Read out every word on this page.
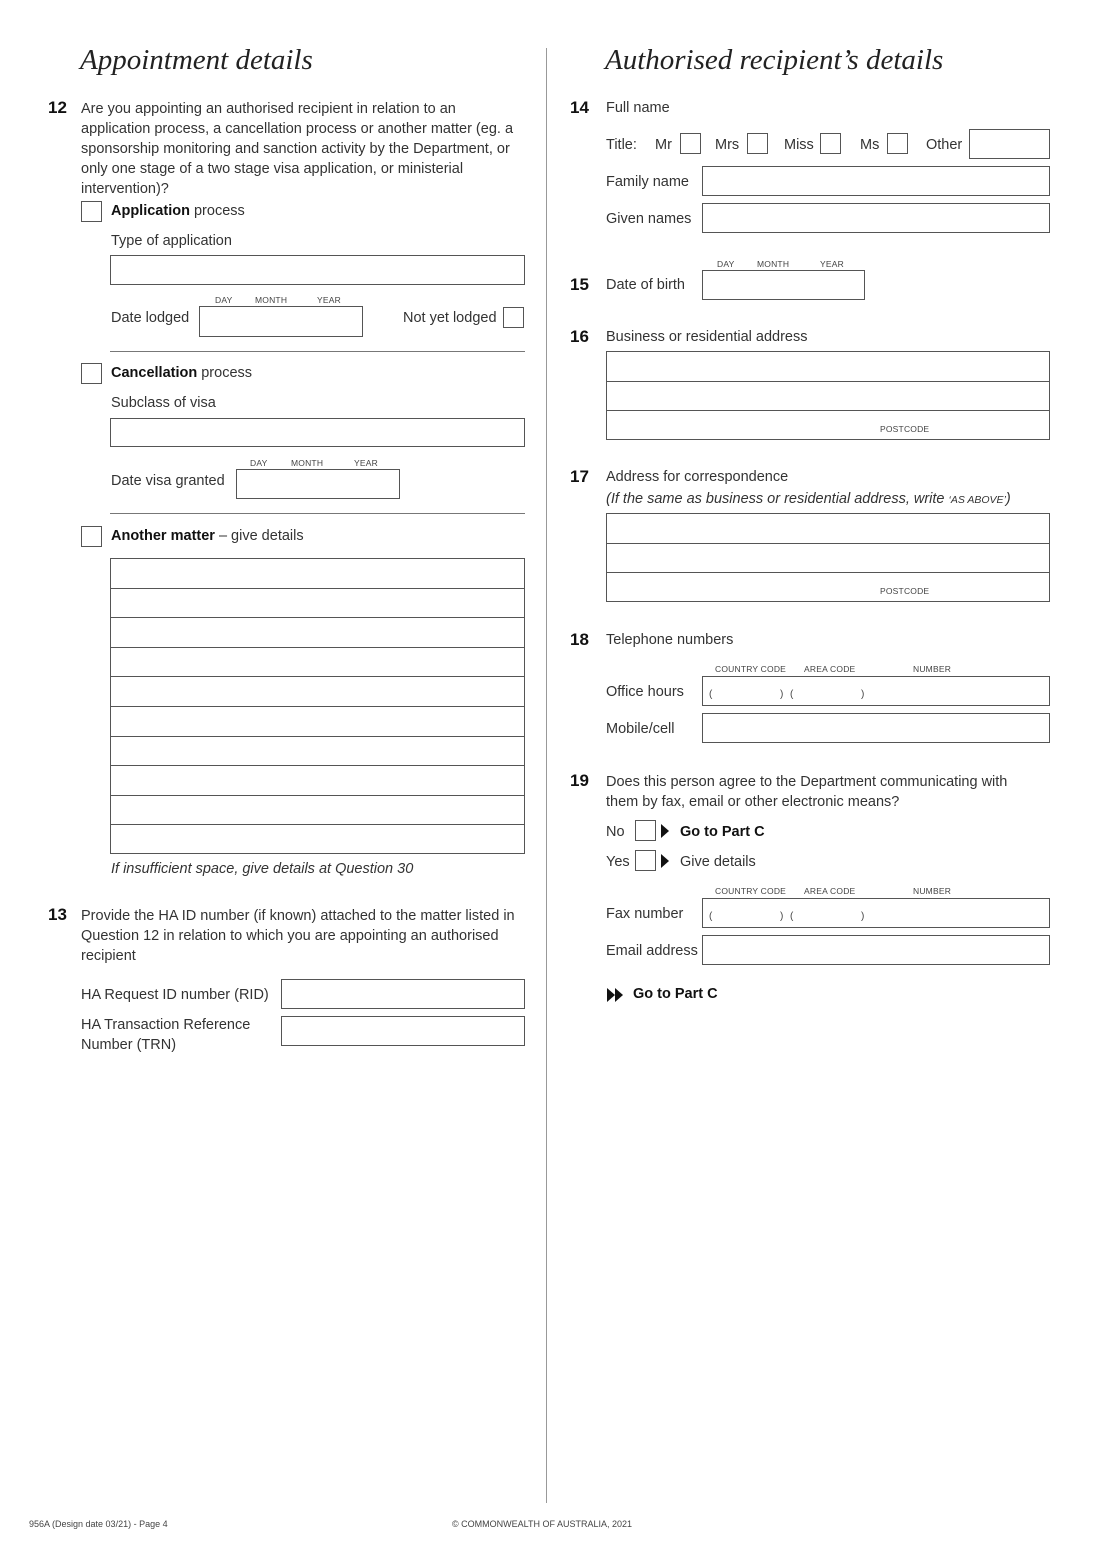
Appointment details
12 Are you appointing an authorised recipient in relation to an application process, a cancellation process or another matter (eg. a sponsorship monitoring and sanction activity by the Department, or only one stage of a two stage visa application, or ministerial intervention)?
Application process
Type of application
DAY	MONTH	YEAR
Date lodged	Not yet lodged
Cancellation process
Subclass of visa
DAY	MONTH	YEAR
Date visa granted
Another matter – give details
If insufficient space, give details at Question 30
13 Provide the HA ID number (if known) attached to the matter listed in Question 12 in relation to which you are appointing an authorised recipient
HA Request ID number (RID)
HA Transaction Reference Number (TRN)
Authorised recipient’s details
14 Full name
Title: Mr	Mrs	Miss	Ms	Other
Family name
Given names
DAY	MONTH	YEAR
15 Date of birth
16 Business or residential address
POSTCODE
17 Address for correspondence
(If the same as business or residential address, write ‘AS ABOVE’)
POSTCODE
18 Telephone numbers
COUNTRY CODE AREA CODE	NUMBER
Office hours	(	) (	)
Mobile/cell
19 Does this person agree to the Department communicating with them by fax, email or other electronic means?
No	Go to Part C
Yes	Give details
COUNTRY CODE AREA CODE	NUMBER
Fax number	(	) (	)
Email address
Go to Part C
956A (Design date 03/21) - Page 4	© COMMONWEALTH OF AUSTRALIA, 2021
